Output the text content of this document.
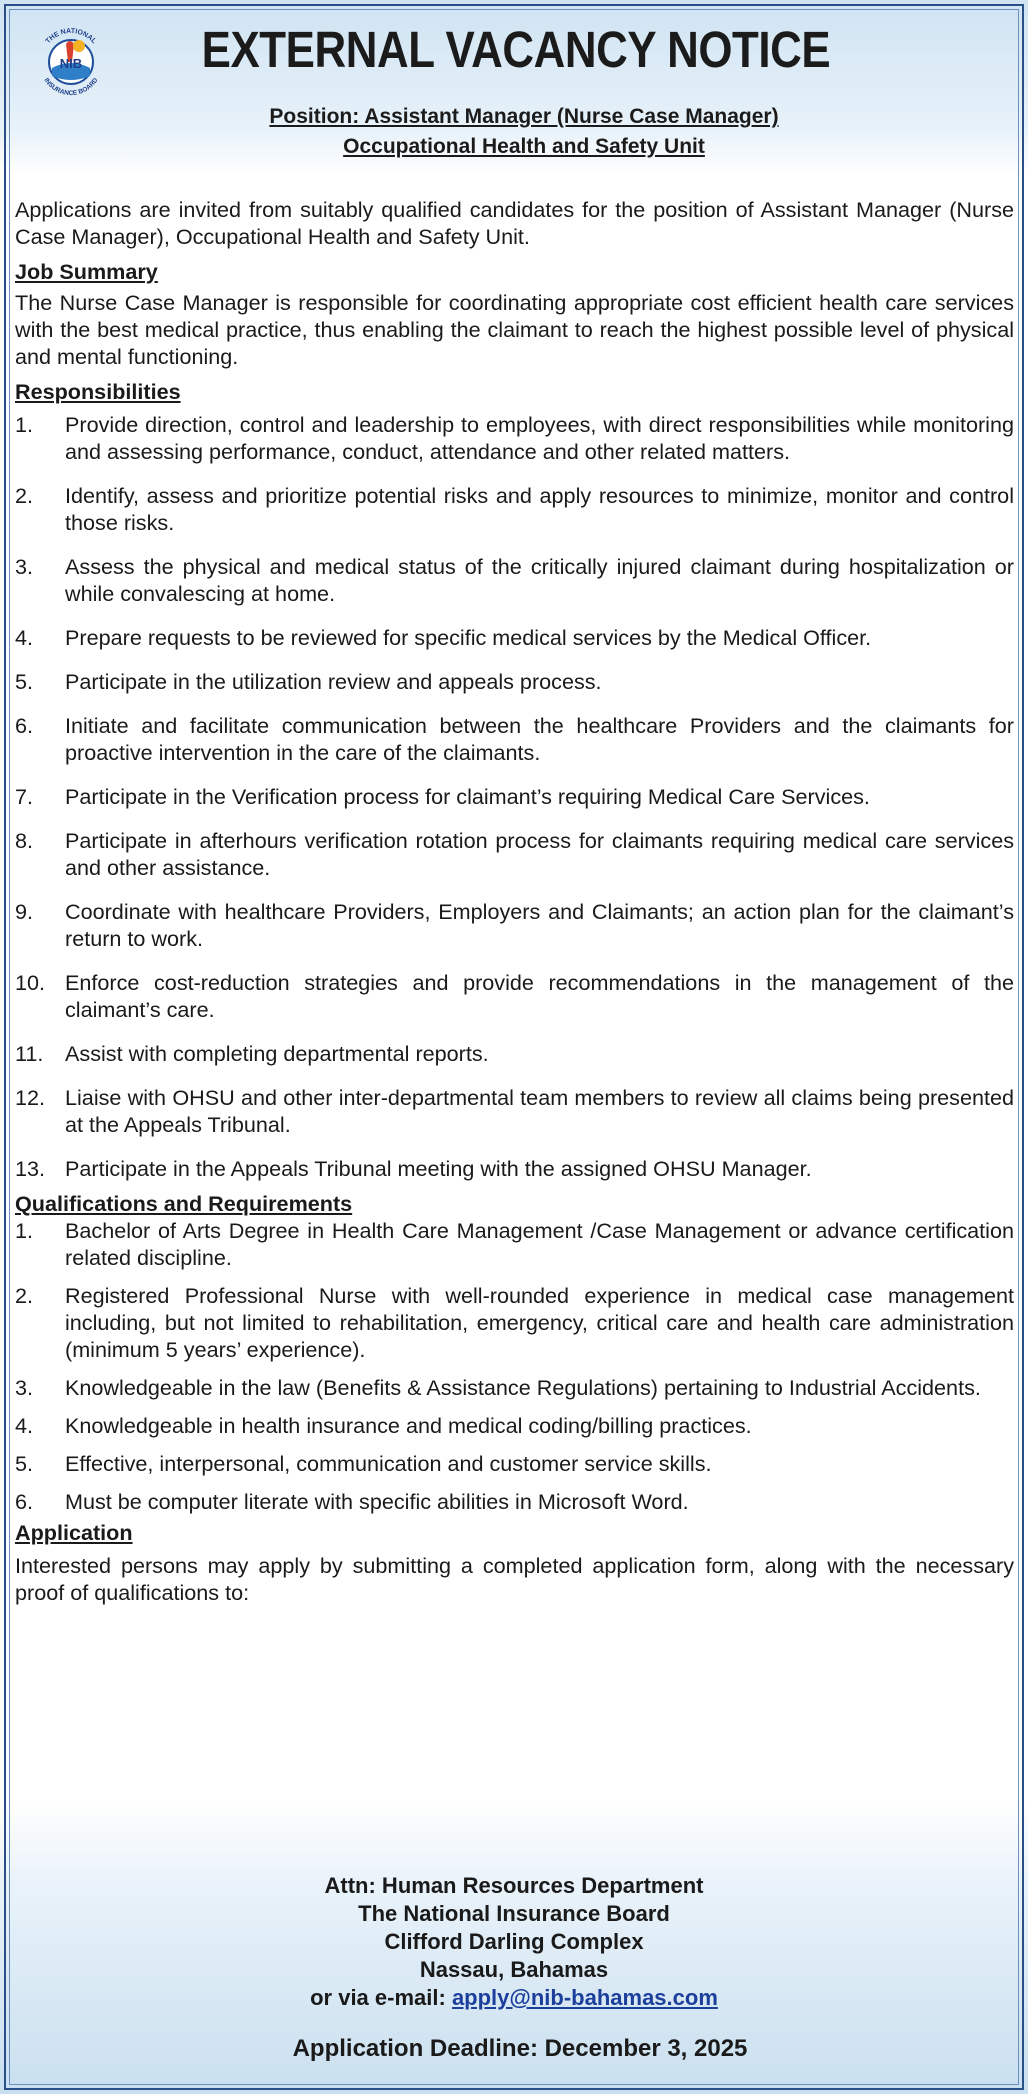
NIB
THE NATIONAL
INSURANCE BOARD
EXTERNAL VACANCY NOTICE

Position: Assistant Manager (Nurse Case Manager)

Occupational Health and Safety Unit

Applications are invited from suitably qualified candidates for the position of Assistant Manager (Nurse Case Manager), Occupational Health and Safety Unit.

Job Summary

The Nurse Case Manager is responsible for coordinating appropriate cost efficient health care services with the best medical practice, thus enabling the claimant to reach the highest possible level of physical and mental functioning.

Responsibilities

1.	Provide direction, control and leadership to employees, with direct responsibilities while monitoring and assessing performance, conduct, attendance and other related matters.
2.	Identify, assess and prioritize potential risks and apply resources to minimize, monitor and control those risks.
3.	Assess the physical and medical status of the critically injured claimant during hospitalization or while convalescing at home.
4.	Prepare requests to be reviewed for specific medical services by the Medical Officer.
5.	Participate in the utilization review and appeals process.
6.	Initiate and facilitate communication between the healthcare Providers and the claimants for proactive intervention in the care of the claimants.
7.	Participate in the Verification process for claimant’s requiring Medical Care Services.
8.	Participate in afterhours verification rotation process for claimants requiring medical care services and other assistance.
9.	Coordinate with healthcare Providers, Employers and Claimants; an action plan for the claimant’s return to work.
10. Enforce cost-reduction strategies and provide recommendations in the management of the claimant’s care.
11. Assist with completing departmental reports.
12. Liaise with OHSU and other inter-departmental team members to review all claims being presented at the Appeals Tribunal.
13. Participate in the Appeals Tribunal meeting with the assigned OHSU Manager.

Qualifications and Requirements

1.	Bachelor of Arts Degree in Health Care Management /Case Management or advance certification related discipline.
2.	Registered Professional Nurse with well-rounded experience in medical case management including, but not limited to rehabilitation, emergency, critical care and health care administration (minimum 5 years’ experience).
3.	Knowledgeable in the law (Benefits & Assistance Regulations) pertaining to Industrial Accidents.
4.	Knowledgeable in health insurance and medical coding/billing practices.
5.	Effective, interpersonal, communication and customer service skills.
6.	Must be computer literate with specific abilities in Microsoft Word.

Application

Interested persons may apply by submitting a completed application form, along with the necessary proof of qualifications to:

Attn: Human Resources Department
The National Insurance Board
Clifford Darling Complex
Nassau, Bahamas
or via e-mail: apply@nib-bahamas.com
Application Deadline: December 3, 2025
